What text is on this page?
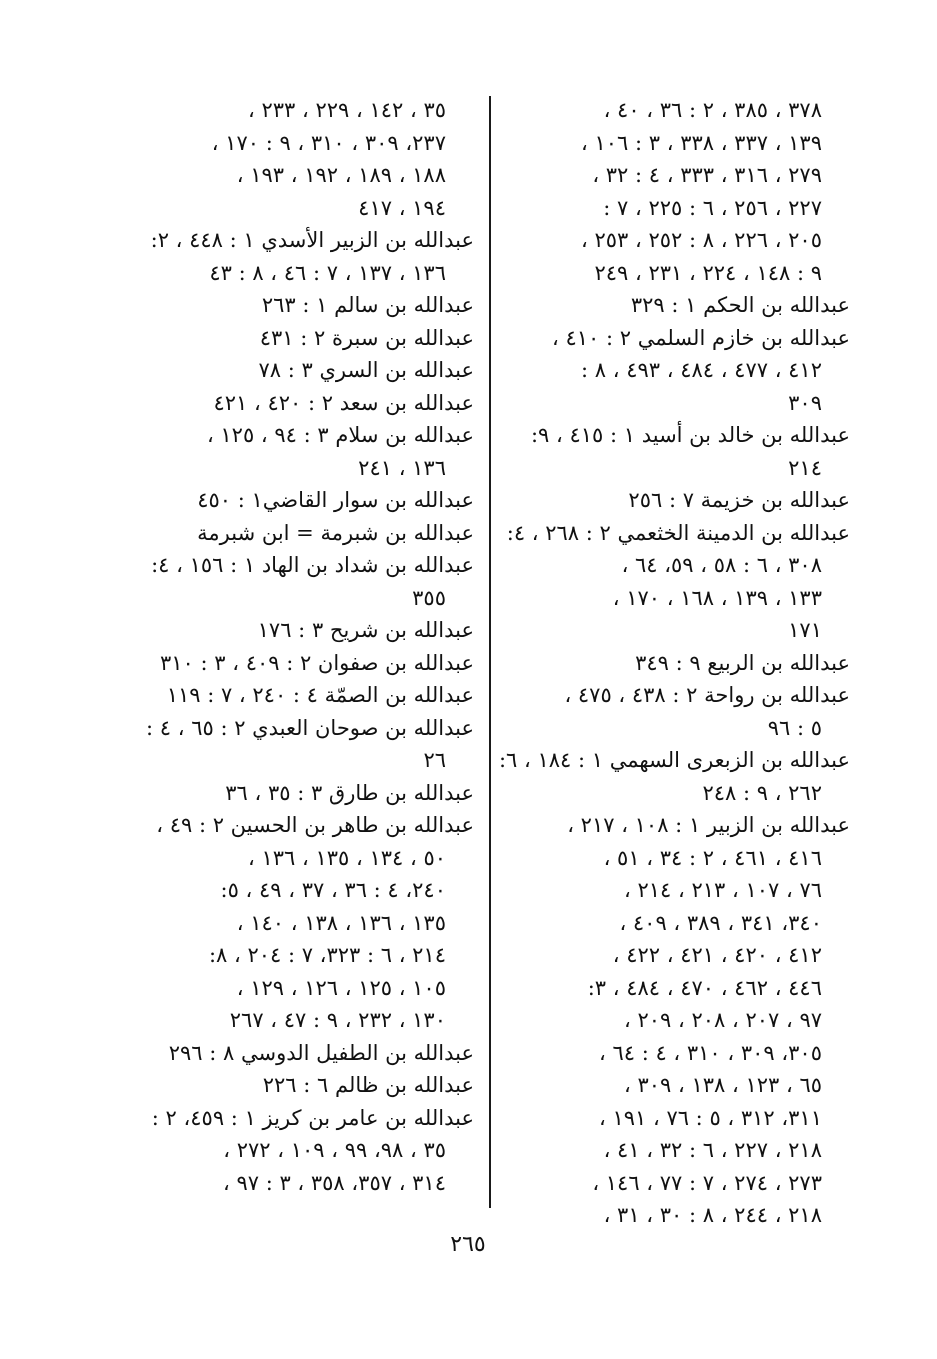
٣٧٨ ، ٣٨٥ ، ٢ : ٣٦ ، ٤٠ ،
١٣٩ ، ٣٣٧ ، ٣٣٨ ، ٣ : ١٠٦ ،
٢٧٩ ، ٣١٦ ، ٣٣٣ ، ٤ : ٣٢ ،
٢٢٧ ، ٢٥٦ ، ٦ : ٢٢٥ ، ٧ :
٢٠٥ ، ٢٢٦ ، ٨ : ٢٥٢ ، ٢٥٣ ،
٩ : ١٤٨ ، ٢٢٤ ، ٢٣١ ، ٢٤٩
عبدالله بن الحكم ١ : ٣٢٩
عبدالله بن خازم السلمي ٢ : ٤١٠ ،
٤١٢ ، ٤٧٧ ، ٤٨٤ ، ٤٩٣ ، ٨ :
٣٠٩
عبدالله بن خالد بن أسيد ١ : ٤١٥ ، ٩:
٢١٤
عبدالله بن خزيمة ٧ : ٢٥٦
عبدالله بن الدمينة الخثعمي ٢ : ٢٦٨ ، ٤:
٣٠٨ ، ٦ : ٥٨ ، ٥٩، ٦٤ ،
١٣٣ ، ١٣٩ ، ١٦٨ ، ١٧٠ ،
١٧١
عبدالله بن الربيع ٩ : ٣٤٩
عبدالله بن رواحة ٢ : ٤٣٨ ، ٤٧٥ ،
٥ : ٩٦
عبدالله بن الزبعرى السهمي ١ : ١٨٤ ، ٦:
٢٦٢ ، ٩ : ٢٤٨
عبدالله بن الزبير ١ : ١٠٨ ، ٢١٧ ،
٤١٦ ، ٤٦١ ، ٢ : ٣٤ ، ٥١ ،
٧٦ ، ١٠٧ ، ٢١٣ ، ٢١٤ ،
٣٤٠، ٣٤١ ، ٣٨٩ ، ٤٠٩ ،
٤١٢ ، ٤٢٠ ، ٤٢١ ، ٤٢٢ ،
٤٤٦ ، ٤٦٢ ، ٤٧٠ ، ٤٨٤ ، ٣:
٩٧ ، ٢٠٧ ، ٢٠٨ ، ٢٠٩ ،
٣٠٥، ٣٠٩ ، ٣١٠ ، ٤ : ٦٤ ،
٦٥ ، ١٢٣ ، ١٣٨ ، ٣٠٩ ،
٣١١، ٣١٢ ، ٥ : ٧٦ ، ١٩١ ،
٢١٨ ، ٢٢٧ ، ٦ : ٣٢ ، ٤١ ،
٢٧٣ ، ٢٧٤ ، ٧ : ٧٧ ، ١٤٦ ،
٢١٨ ، ٢٤٤ ، ٨ : ٣٠ ، ٣١ ،
٣٥ ، ١٤٢ ، ٢٢٩ ، ٢٣٣ ،
٢٣٧، ٣٠٩ ، ٣١٠ ، ٩ : ١٧٠ ،
١٨٨ ، ١٨٩ ، ١٩٢ ، ١٩٣ ،
١٩٤ ، ٤١٧
عبدالله بن الزبير الأسدي ١ : ٤٤٨ ، ٢:
١٣٦ ، ١٣٧ ، ٧ : ٤٦ ، ٨ : ٤٣
عبدالله بن سالم ١ : ٢٦٣
عبدالله بن سبرة ٢ : ٤٣١
عبدالله بن السري ٣ : ٧٨
عبدالله بن سعد ٢ : ٤٢٠ ، ٤٢١
عبدالله بن سلام ٣ : ٩٤ ، ١٢٥ ،
١٣٦ ، ٢٤١
عبدالله بن سوار القاضي١ : ٤٥٠
عبدالله بن شبرمة = ابن شبرمة
عبدالله بن شداد بن الهاد ١ : ١٥٦ ، ٤:
٣٥٥
عبدالله بن شريح ٣ : ١٧٦
عبدالله بن صفوان ٢ : ٤٠٩ ، ٣ : ٣١٠
عبدالله بن الصمّة ٤ : ٢٤٠ ، ٧ : ١١٩
عبدالله بن صوحان العبدي ٢ : ٦٥ ، ٤ :
٢٦
عبدالله بن طارق ٣ : ٣٥ ، ٣٦
عبدالله بن طاهر بن الحسين ٢ : ٤٩ ،
٥٠ ، ١٣٤ ، ١٣٥ ، ١٣٦ ،
٢٤٠، ٤ : ٣٦ ، ٣٧ ، ٤٩ ، ٥:
١٣٥ ، ١٣٦ ، ١٣٨ ، ١٤٠ ،
٢١٤ ، ٦ : ٣٢٣، ٧ : ٢٠٤ ، ٨:
١٠٥ ، ١٢٥ ، ١٢٦ ، ١٢٩ ،
١٣٠ ، ٢٣٢ ، ٩ : ٤٧ ، ٢٦٧
عبدالله بن الطفيل الدوسي ٨ : ٢٩٦
عبدالله بن ظالم ٦ : ٢٢٦
عبدالله بن عامر بن كريز ١ : ٤٥٩، ٢ :
٣٥ ، ٩٨، ٩٩ ، ١٠٩ ، ٢٧٢ ،
٣١٤ ، ٣٥٧، ٣٥٨ ، ٣ : ٩٧ ،
٢٦٥
